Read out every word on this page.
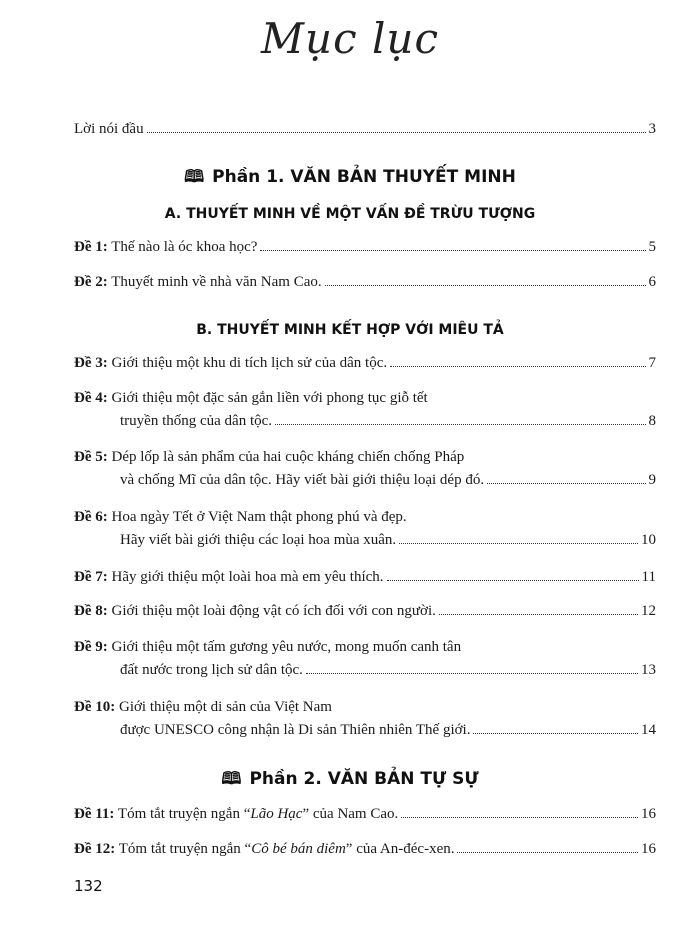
Mục lục
Lời nói đầu	3
🕮 Phần 1. VĂN BẢN THUYẾT MINH
A. THUYẾT MINH VỀ MỘT VẤN ĐỀ TRỪU TƯỢNG
Đề 1: Thế nào là óc khoa học?	5
Đề 2: Thuyết minh về nhà văn Nam Cao.	6
B. THUYẾT MINH KẾT HỢP VỚI MIÊU TẢ
Đề 3: Giới thiệu một khu di tích lịch sử của dân tộc.	7
Đề 4: Giới thiệu một đặc sản gắn liền với phong tục giỗ tết
truyền thống của dân tộc.	8
Đề 5: Dép lốp là sản phẩm của hai cuộc kháng chiến chống Pháp
và chống Mĩ của dân tộc. Hãy viết bài giới thiệu loại dép đó.	9
Đề 6: Hoa ngày Tết ở Việt Nam thật phong phú và đẹp.
Hãy viết bài giới thiệu các loại hoa mùa xuân.	10
Đề 7: Hãy giới thiệu một loài hoa mà em yêu thích.	11
Đề 8: Giới thiệu một loài động vật có ích đối với con người.	12
Đề 9: Giới thiệu một tấm gương yêu nước, mong muốn canh tân
đất nước trong lịch sử dân tộc.	13
Đề 10: Giới thiệu một di sản của Việt Nam
được UNESCO công nhận là Di sản Thiên nhiên Thế giới.	14
🕮 Phần 2. VĂN BẢN TỰ SỰ
Đề 11: Tóm tắt truyện ngắn “Lão Hạc” của Nam Cao.	16
Đề 12: Tóm tắt truyện ngắn “Cô bé bán diêm” của An-đéc-xen.	16
132
